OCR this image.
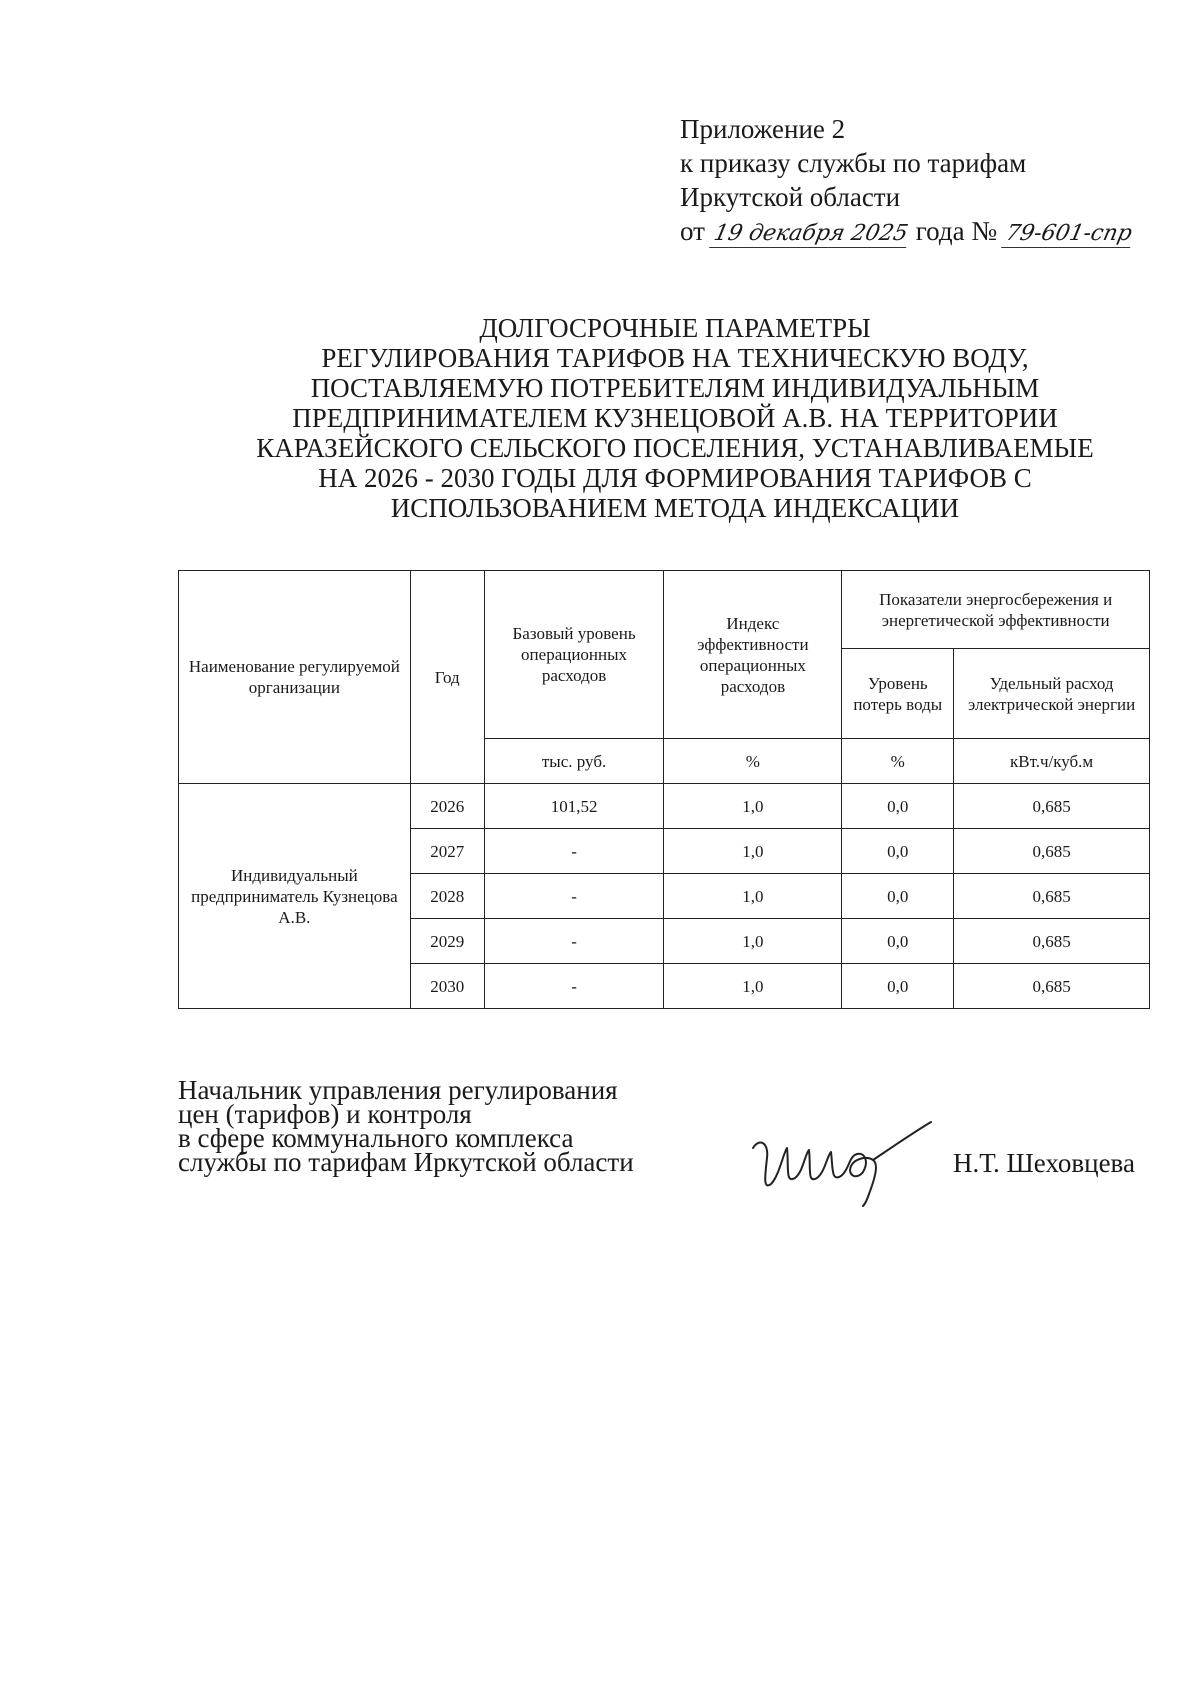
Приложение 2
к приказу службы по тарифам
Иркутской области
от 19 декабря 2025 года № 79-601-спр
ДОЛГОСРОЧНЫЕ ПАРАМЕТРЫ
РЕГУЛИРОВАНИЯ ТАРИФОВ НА ТЕХНИЧЕСКУЮ ВОДУ,
ПОСТАВЛЯЕМУЮ ПОТРЕБИТЕЛЯМ ИНДИВИДУАЛЬНЫМ
ПРЕДПРИНИМАТЕЛЕМ КУЗНЕЦОВОЙ А.В. НА ТЕРРИТОРИИ
КАРАЗЕЙСКОГО СЕЛЬСКОГО ПОСЕЛЕНИЯ, УСТАНАВЛИВАЕМЫЕ
НА 2026 - 2030 ГОДЫ ДЛЯ ФОРМИРОВАНИЯ ТАРИФОВ С
ИСПОЛЬЗОВАНИЕМ МЕТОДА ИНДЕКСАЦИИ
Наименование регулируемой организации	Год	Базовый уровень операционных расходов	Индекс эффективности операционных расходов	Показатели энергосбережения и энергетической эффективности	
				Уровень потерь воды	Удельный расход электрической энергии
		тыс. руб.	%	%	кВт.ч/куб.м
Индивидуальный предприниматель Кузнецова А.В.	2026	101,52	1,0	0,0	0,685
	2027	-	1,0	0,0	0,685
	2028	-	1,0	0,0	0,685
	2029	-	1,0	0,0	0,685
	2030	-	1,0	0,0	0,685
Начальник управления регулирования
цен (тарифов) и контроля
в сфере коммунального комплекса
службы по тарифам Иркутской области	Н.Т. Шеховцева
